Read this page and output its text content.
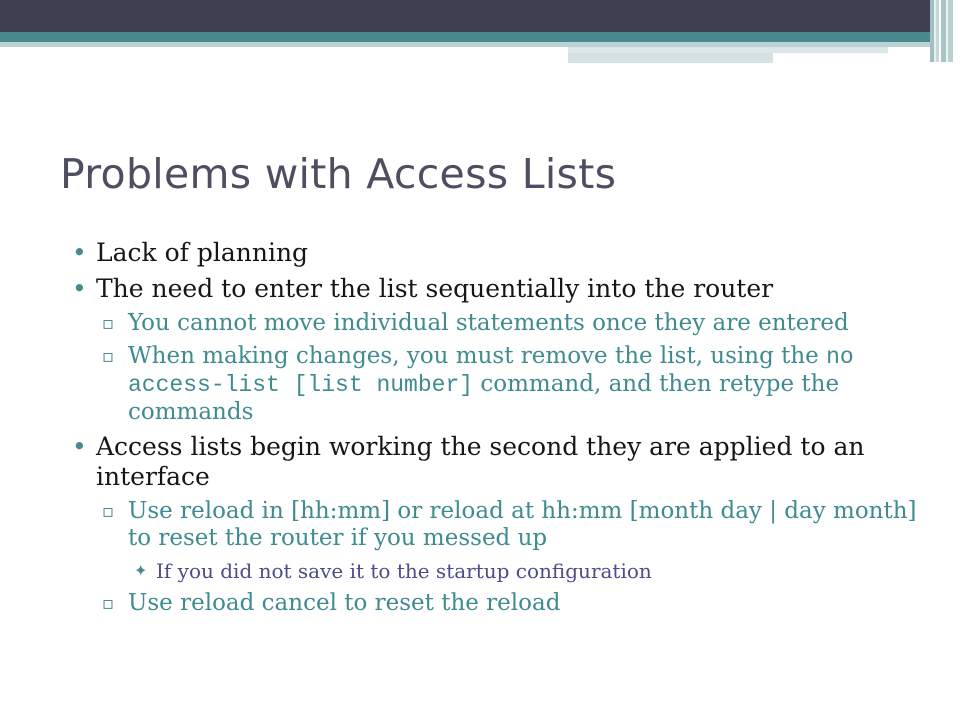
Problems with Access Lists
• Lack of planning
• The need to enter the list sequentially into the router
▫ You cannot move individual statements once they are entered
▫ When making changes, you must remove the list, using the no access-list [list number] command, and then retype the commands
• Access lists begin working the second they are applied to an interface
▫ Use reload in [hh:mm] or reload at hh:mm [month day | day month] to reset the router if you messed up
✦ If you did not save it to the startup configuration
▫ Use reload cancel to reset the reload
